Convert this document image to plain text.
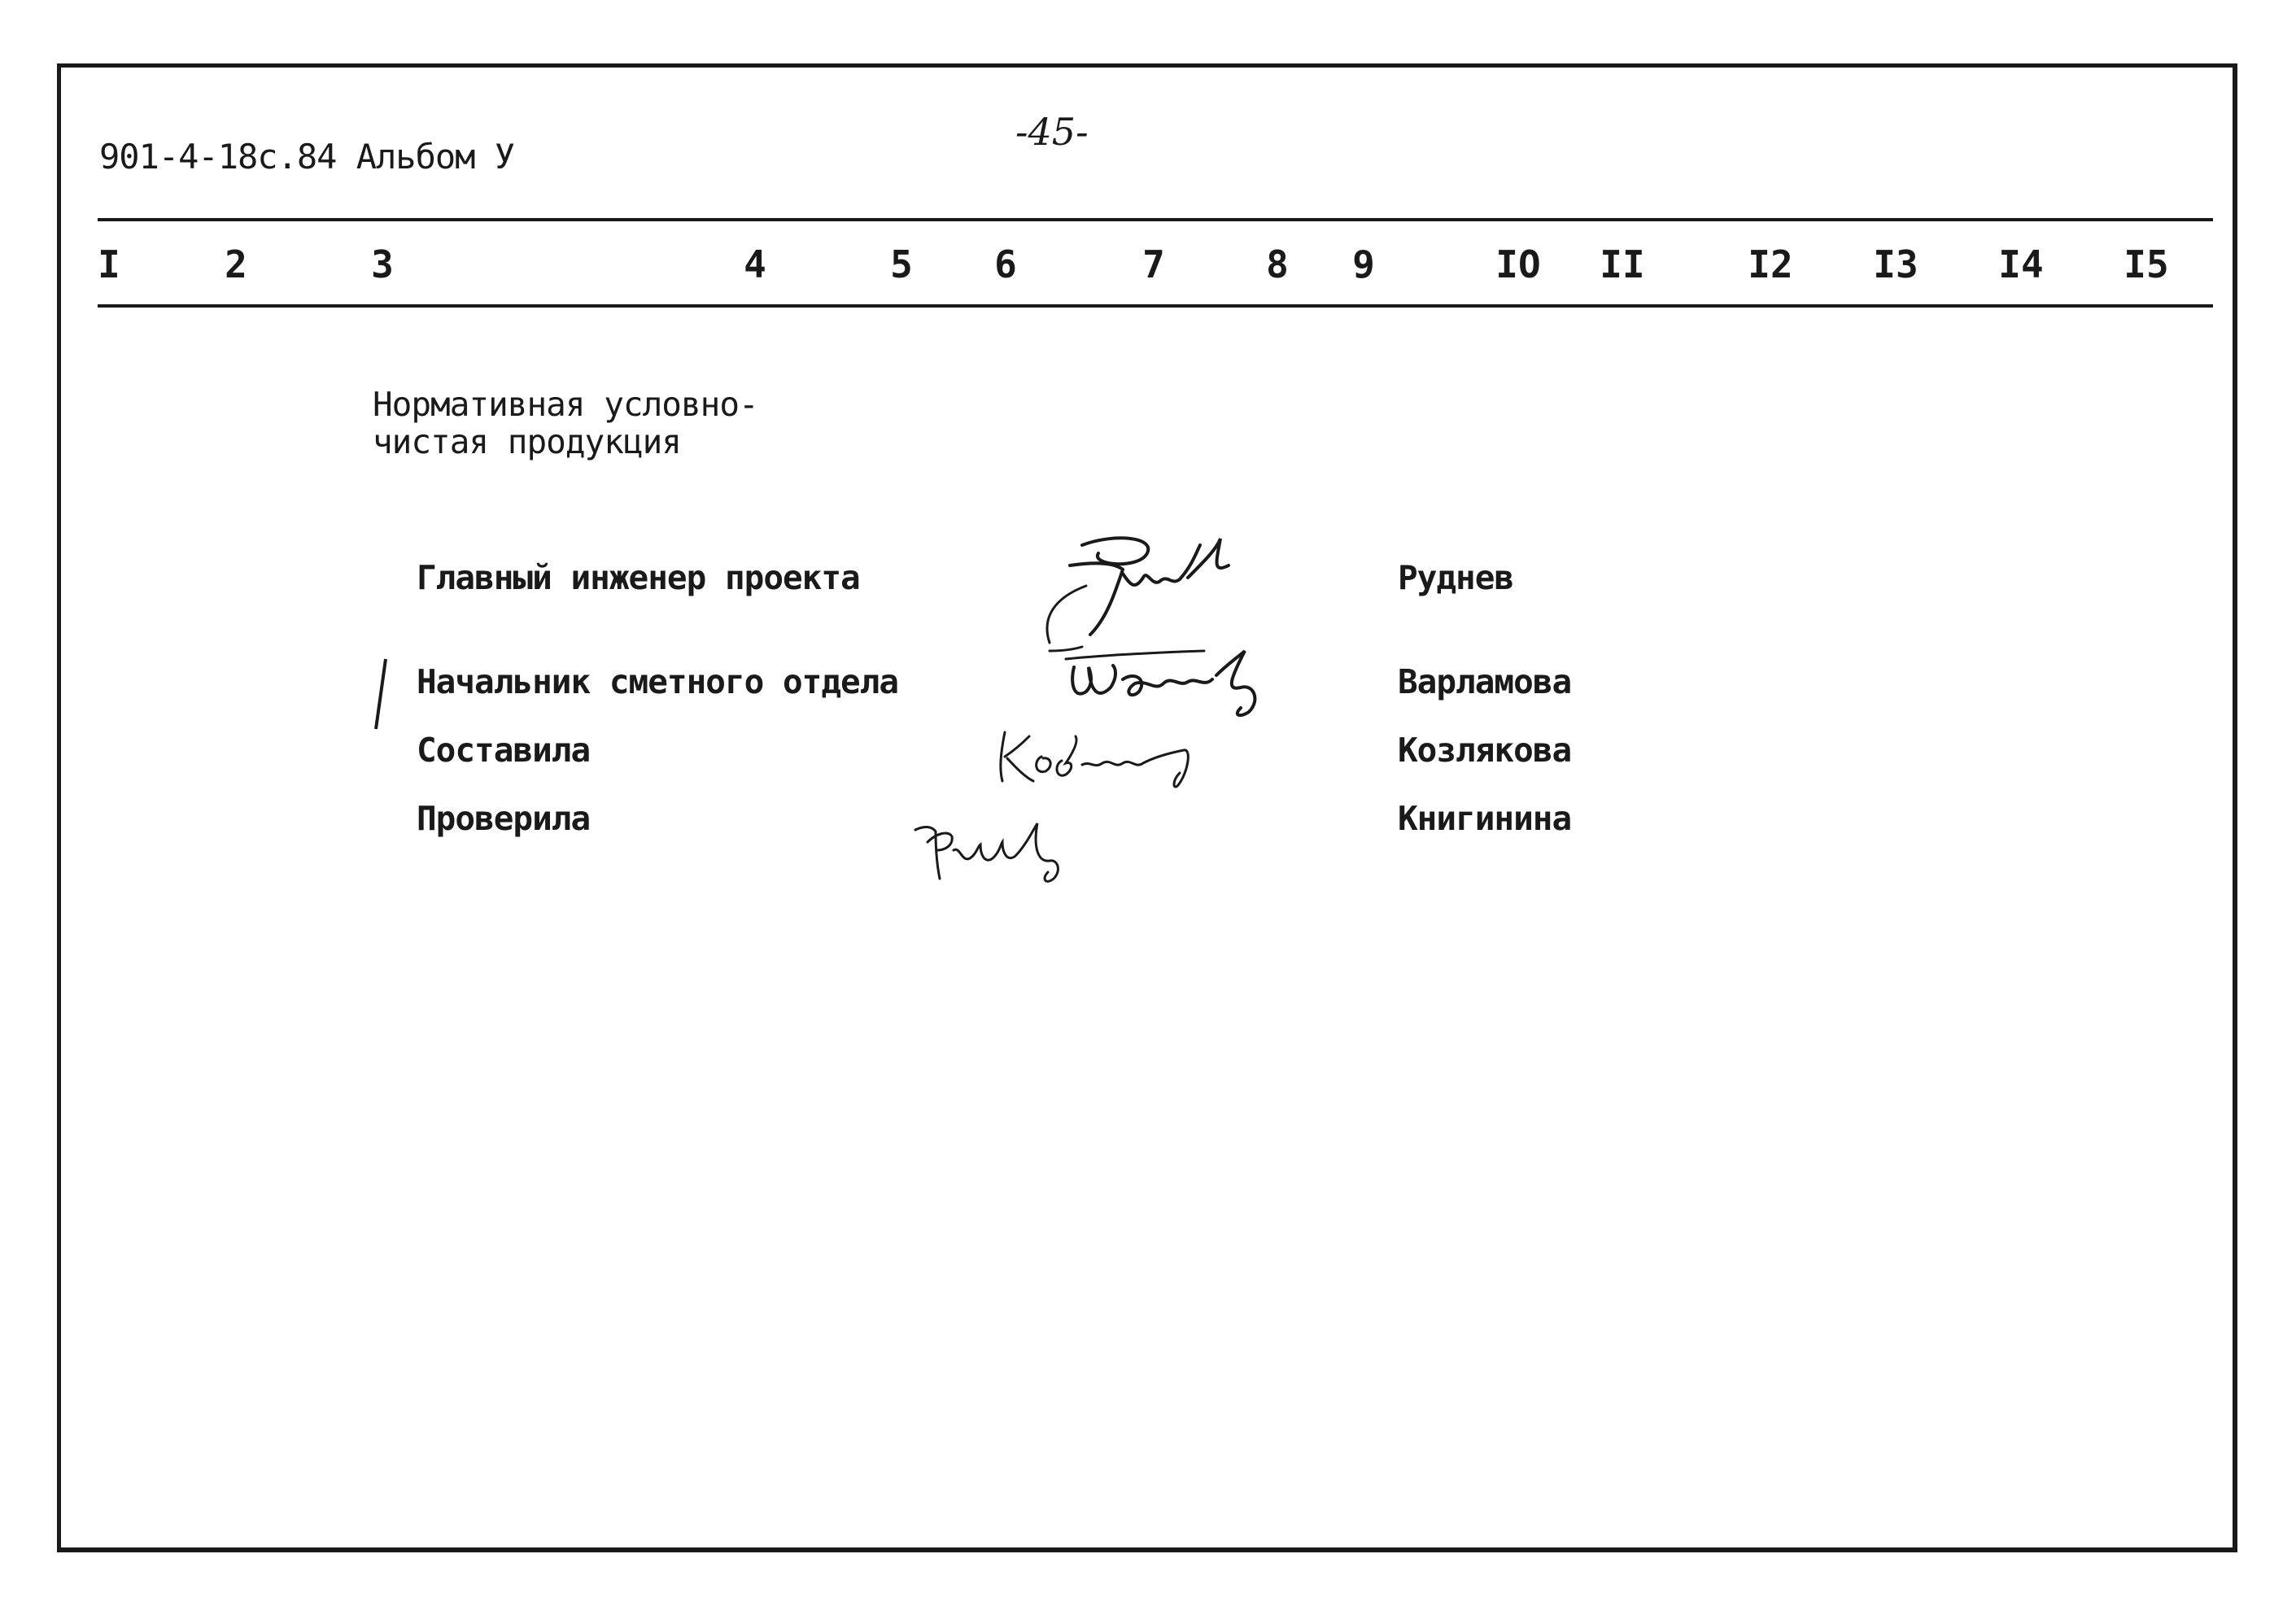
901-4-18с.84 Альбом У
-45-
I	2	3	4	5 6	7	8 9	IO II	I2 I3 I4 I5
Нормативная условно-
чистая продукция
Главный инженер проекта	Руднев
Начальник сметного отдела	Варламова
Составила	Козлякова
Проверила	Книгинина
